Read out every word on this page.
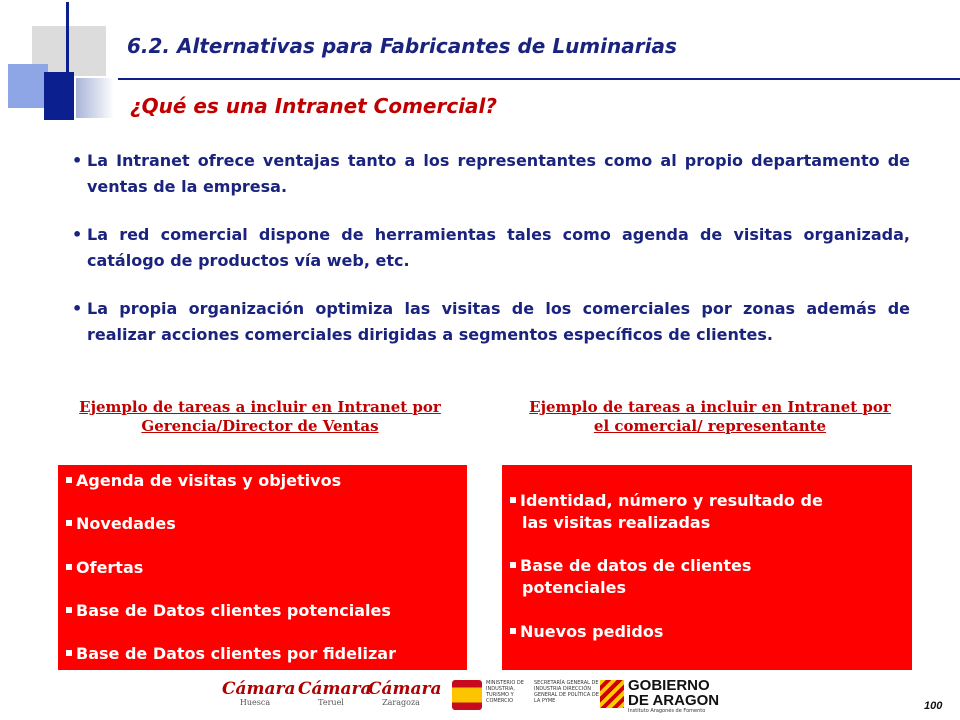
6.2. Alternativas para Fabricantes de Luminarias
¿Qué es una Intranet Comercial?
• La Intranet ofrece ventajas tanto a los representantes como al propio departamento de ventas de la empresa.
• La red comercial dispone de herramientas tales como agenda de visitas organizada, catálogo de productos vía web, etc.
• La propia organización optimiza las visitas de los comerciales por zonas además de realizar acciones comerciales dirigidas a segmentos específicos de clientes.
Ejemplo de tareas a incluir en Intranet por Gerencia/Director de Ventas
Ejemplo de tareas a incluir en Intranet por el comercial/ representante
Agenda de visitas y objetivos
Novedades
Ofertas
Base de Datos clientes potenciales
Base de Datos clientes por fidelizar
Identidad, número y resultado de
las visitas realizadas
Base de datos de clientes
potenciales
Nuevos pedidos
Cámara
Huesca
Cámara
Teruel
Cámara
Zaragoza
MINISTERIO DE INDUSTRIA, TURISMO Y COMERCIO
SECRETARÍA GENERAL DE INDUSTRIA DIRECCIÓN GENERAL DE POLÍTICA DE LA PYME
GOBIERNO
DE ARAGON
Instituto Aragonés de Fomento	100
